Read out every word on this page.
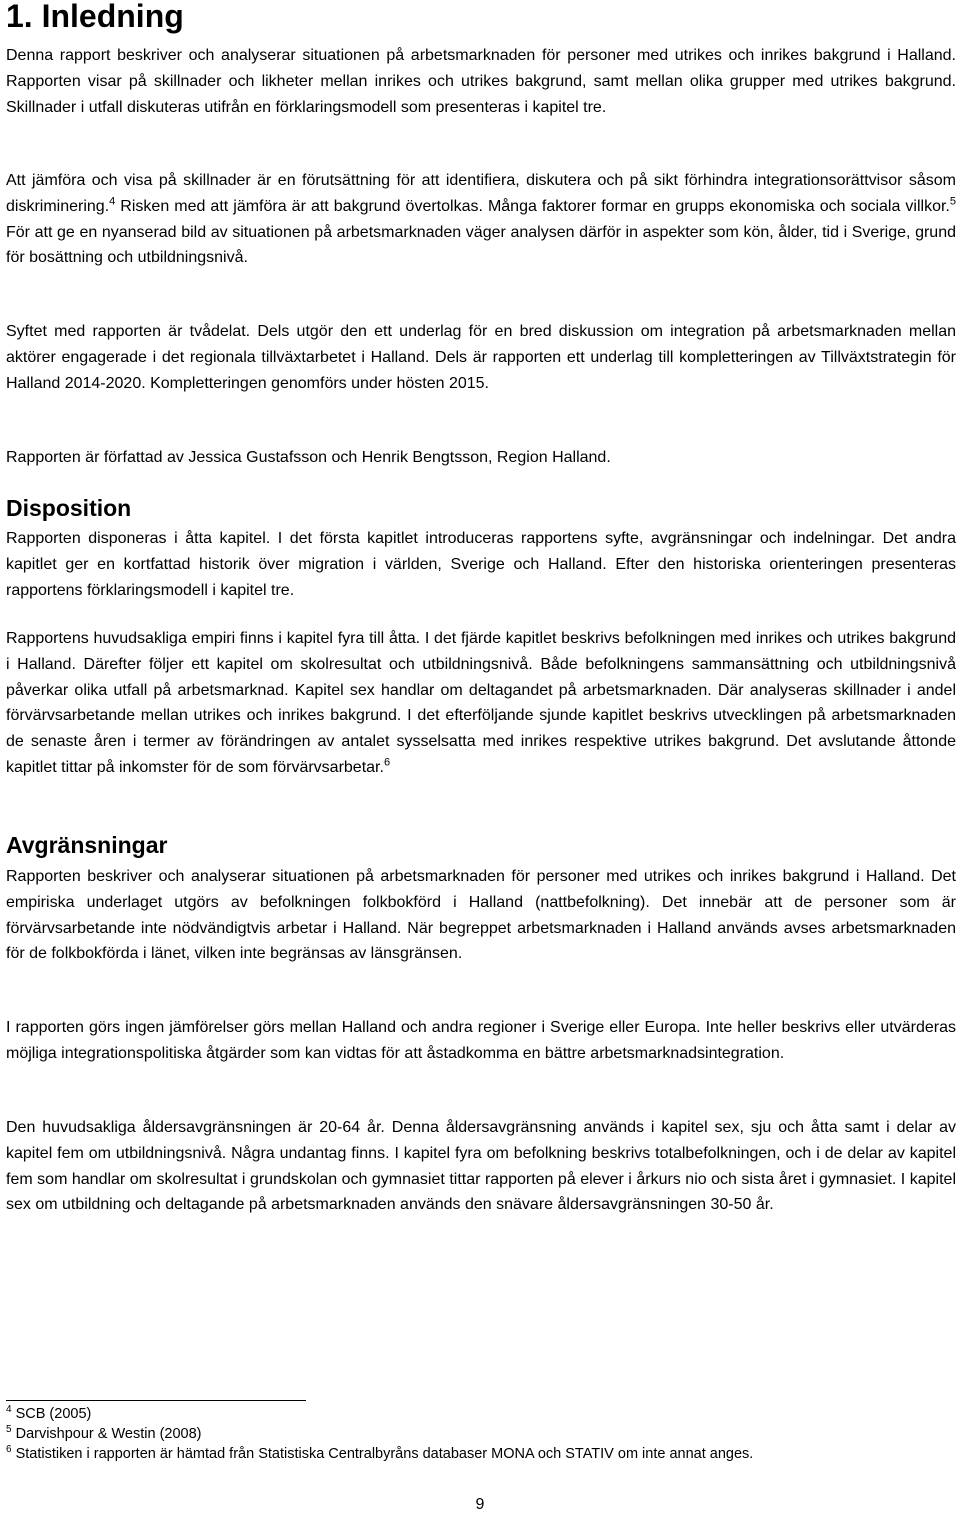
1. Inledning

Denna rapport beskriver och analyserar situationen på arbetsmarknaden för personer med utrikes och inrikes bakgrund i Halland. Rapporten visar på skillnader och likheter mellan inrikes och utrikes bakgrund, samt mellan olika grupper med utrikes bakgrund. Skillnader i utfall diskuteras utifrån en förklaringsmodell som presenteras i kapitel tre.

Att jämföra och visa på skillnader är en förutsättning för att identifiera, diskutera och på sikt förhindra integrationsorättvisor såsom diskriminering.$^4$ Risken med att jämföra är att bakgrund övertolkas. Många faktorer formar en grupps ekonomiska och sociala villkor.$^5$ För att ge en nyanserad bild av situationen på arbetsmarknaden väger analysen därför in aspekter som kön, ålder, tid i Sverige, grund för bosättning och utbildningsnivå.

Syftet med rapporten är tvådelat. Dels utgör den ett underlag för en bred diskussion om integration på arbetsmarknaden mellan aktörer engagerade i det regionala tillväxtarbetet i Halland. Dels är rapporten ett underlag till kompletteringen av Tillväxtstrategin för Halland 2014-2020. Kompletteringen genomförs under hösten 2015.

Rapporten är författad av Jessica Gustafsson och Henrik Bengtsson, Region Halland.

Disposition

Rapporten disponeras i åtta kapitel. I det första kapitlet introduceras rapportens syfte, avgränsningar och indelningar. Det andra kapitlet ger en kortfattad historik över migration i världen, Sverige och Halland. Efter den historiska orienteringen presenteras rapportens förklaringsmodell i kapitel tre.

Rapportens huvudsakliga empiri finns i kapitel fyra till åtta. I det fjärde kapitlet beskrivs befolkningen med inrikes och utrikes bakgrund i Halland. Därefter följer ett kapitel om skolresultat och utbildningsnivå. Både befolkningens sammansättning och utbildningsnivå påverkar olika utfall på arbetsmarknad. Kapitel sex handlar om deltagandet på arbetsmarknaden. Där analyseras skillnader i andel förvärvsarbetande mellan utrikes och inrikes bakgrund. I det efterföljande sjunde kapitlet beskrivs utvecklingen på arbetsmarknaden de senaste åren i termer av förändringen av antalet sysselsatta med inrikes respektive utrikes bakgrund. Det avslutande åttonde kapitlet tittar på inkomster för de som förvärvsarbetar.$^6$

Avgränsningar

Rapporten beskriver och analyserar situationen på arbetsmarknaden för personer med utrikes och inrikes bakgrund i Halland. Det empiriska underlaget utgörs av befolkningen folkbokförd i Halland (nattbefolkning). Det innebär att de personer som är förvärvsarbetande inte nödvändigtvis arbetar i Halland. När begreppet arbetsmarknaden i Halland används avses arbetsmarknaden för de folkbokförda i länet, vilken inte begränsas av länsgränsen.

I rapporten görs ingen jämförelser görs mellan Halland och andra regioner i Sverige eller Europa. Inte heller beskrivs eller utvärderas möjliga integrationspolitiska åtgärder som kan vidtas för att åstadkomma en bättre arbetsmarknadsintegration.

Den huvudsakliga åldersavgränsningen är 20-64 år. Denna åldersavgränsning används i kapitel sex, sju och åtta samt i delar av kapitel fem om utbildningsnivå. Några undantag finns. I kapitel fyra om befolkning beskrivs totalbefolkningen, och i de delar av kapitel fem som handlar om skolresultat i grundskolan och gymnasiet tittar rapporten på elever i årkurs nio och sista året i gymnasiet. I kapitel sex om utbildning och deltagande på arbetsmarknaden används den snävare åldersavgränsningen 30-50 år.

$^4$ SCB (2005)
$^5$ Darvishpour & Westin (2008)
$^6$ Statistiken i rapporten är hämtad från Statistiska Centralbyråns databaser MONA och STATIV om inte annat anges.
9
